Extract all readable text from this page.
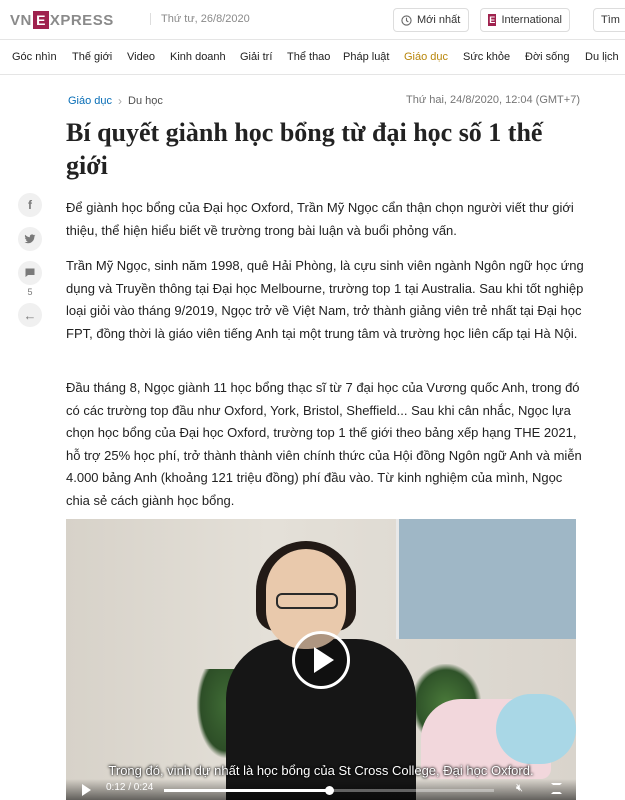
VN E XPRESS	Thứ tư, 26/8/2020	Mới nhất	E International	Tìm
Góc nhìn Thế giới Video Kinh doanh Giải trí Thể thao Pháp luật Giáo dục Sức khỏe Đời sống Du lịch
Giáo dục › Du học	Thứ hai, 24/8/2020, 12:04 (GMT+7)
Bí quyết giành học bổng từ đại học số 1 thế giới
f
5
←

Để giành học bổng của Đại học Oxford, Trần Mỹ Ngọc cẩn thận chọn người viết thư giới thiệu, thể hiện hiểu biết về trường trong bài luận và buổi phỏng vấn.

Trần Mỹ Ngọc, sinh năm 1998, quê Hải Phòng, là cựu sinh viên ngành Ngôn ngữ học ứng dụng và Truyền thông tại Đại học Melbourne, trường top 1 tại Australia. Sau khi tốt nghiệp loại giỏi vào tháng 9/2019, Ngọc trở về Việt Nam, trở thành giảng viên trẻ nhất tại Đại học FPT, đồng thời là giáo viên tiếng Anh tại một trung tâm và trường học liên cấp tại Hà Nội.

Đầu tháng 8, Ngọc giành 11 học bổng thạc sĩ từ 7 đại học của Vương quốc Anh, trong đó có các trường top đầu như Oxford, York, Bristol, Sheffield... Sau khi cân nhắc, Ngọc lựa chọn học bổng của Đại học Oxford, trường top 1 thế giới theo bảng xếp hạng THE 2021, hỗ trợ 25% học phí, trở thành thành viên chính thức của Hội đồng Ngôn ngữ Anh và miễn 4.000 bảng Anh (khoảng 121 triệu đồng) phí đầu vào. Từ kinh nghiệm của mình, Ngọc chia sẻ cách giành học bổng.

Trong đó, vinh dự nhất là học bổng của St Cross College, Đại học Oxford.
0:12 / 0:24	🔇︎
